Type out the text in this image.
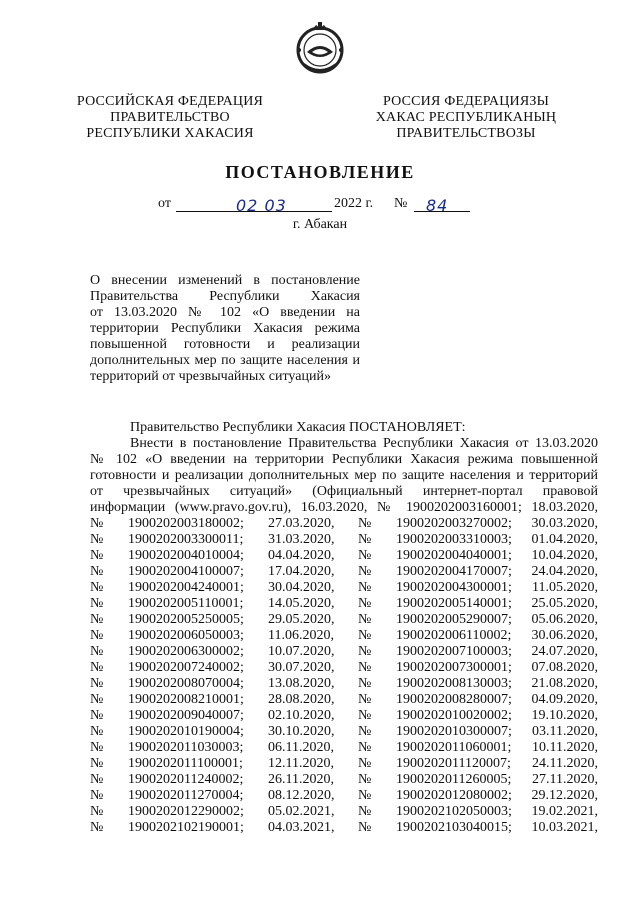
РОССИЙСКАЯ ФЕДЕРАЦИЯ
ПРАВИТЕЛЬСТВО
РЕСПУБЛИКИ ХАКАСИЯ
РОССИЯ ФЕДЕРАЦИЯЗЫ
ХАКАС РЕСПУБЛИКАНЫҢ
ПРАВИТЕЛЬСТВОЗЫ
ПОСТАНОВЛЕНИЕ
от	02 03	2022 г. № 84
г. Абакан
О внесении изменений в постановление
Правительства Республики Хакасия
от 13.03.2020 № 102 «О введении на
территории Республики Хакасия режима
повышенной готовности и реализации
дополнительных мер по защите населения и
территорий от чрезвычайных ситуаций»
Правительство Республики Хакасия ПОСТАНОВЛЯЕТ:
Внести в постановление Правительства Республики Хакасия от 13.03.2020
№ 102 «О введении на территории Республики Хакасия режима повышенной
готовности и реализации дополнительных мер по защите населения и территорий
от чрезвычайных ситуаций» (Официальный интернет-портал правовой
информации (www.pravo.gov.ru), 16.03.2020, № 1900202003160001; 18.03.2020,
№ 1900202003180002; 27.03.2020, № 1900202003270002; 30.03.2020,
№ 1900202003300011; 31.03.2020, № 1900202003310003; 01.04.2020,
№ 1900202004010004; 04.04.2020, № 1900202004040001; 10.04.2020,
№ 1900202004100007; 17.04.2020, № 1900202004170007; 24.04.2020,
№ 1900202004240001; 30.04.2020, № 1900202004300001; 11.05.2020,
№ 1900202005110001; 14.05.2020, № 1900202005140001; 25.05.2020,
№ 1900202005250005; 29.05.2020, № 1900202005290007; 05.06.2020,
№ 1900202006050003; 11.06.2020, № 1900202006110002; 30.06.2020,
№ 1900202006300002; 10.07.2020, № 1900202007100003; 24.07.2020,
№ 1900202007240002; 30.07.2020, № 1900202007300001; 07.08.2020,
№ 1900202008070004; 13.08.2020, № 1900202008130003; 21.08.2020,
№ 1900202008210001; 28.08.2020, № 1900202008280007; 04.09.2020,
№ 1900202009040007; 02.10.2020, № 1900202010020002; 19.10.2020,
№ 1900202010190004; 30.10.2020, № 1900202010300007; 03.11.2020,
№ 1900202011030003; 06.11.2020, № 1900202011060001; 10.11.2020,
№ 1900202011100001; 12.11.2020, № 1900202011120007; 24.11.2020,
№ 1900202011240002; 26.11.2020, № 1900202011260005; 27.11.2020,
№ 1900202011270004; 08.12.2020, № 1900202012080002; 29.12.2020,
№ 1900202012290002; 05.02.2021, № 1900202102050003; 19.02.2021,
№ 1900202102190001; 04.03.2021, № 1900202103040015; 10.03.2021,
